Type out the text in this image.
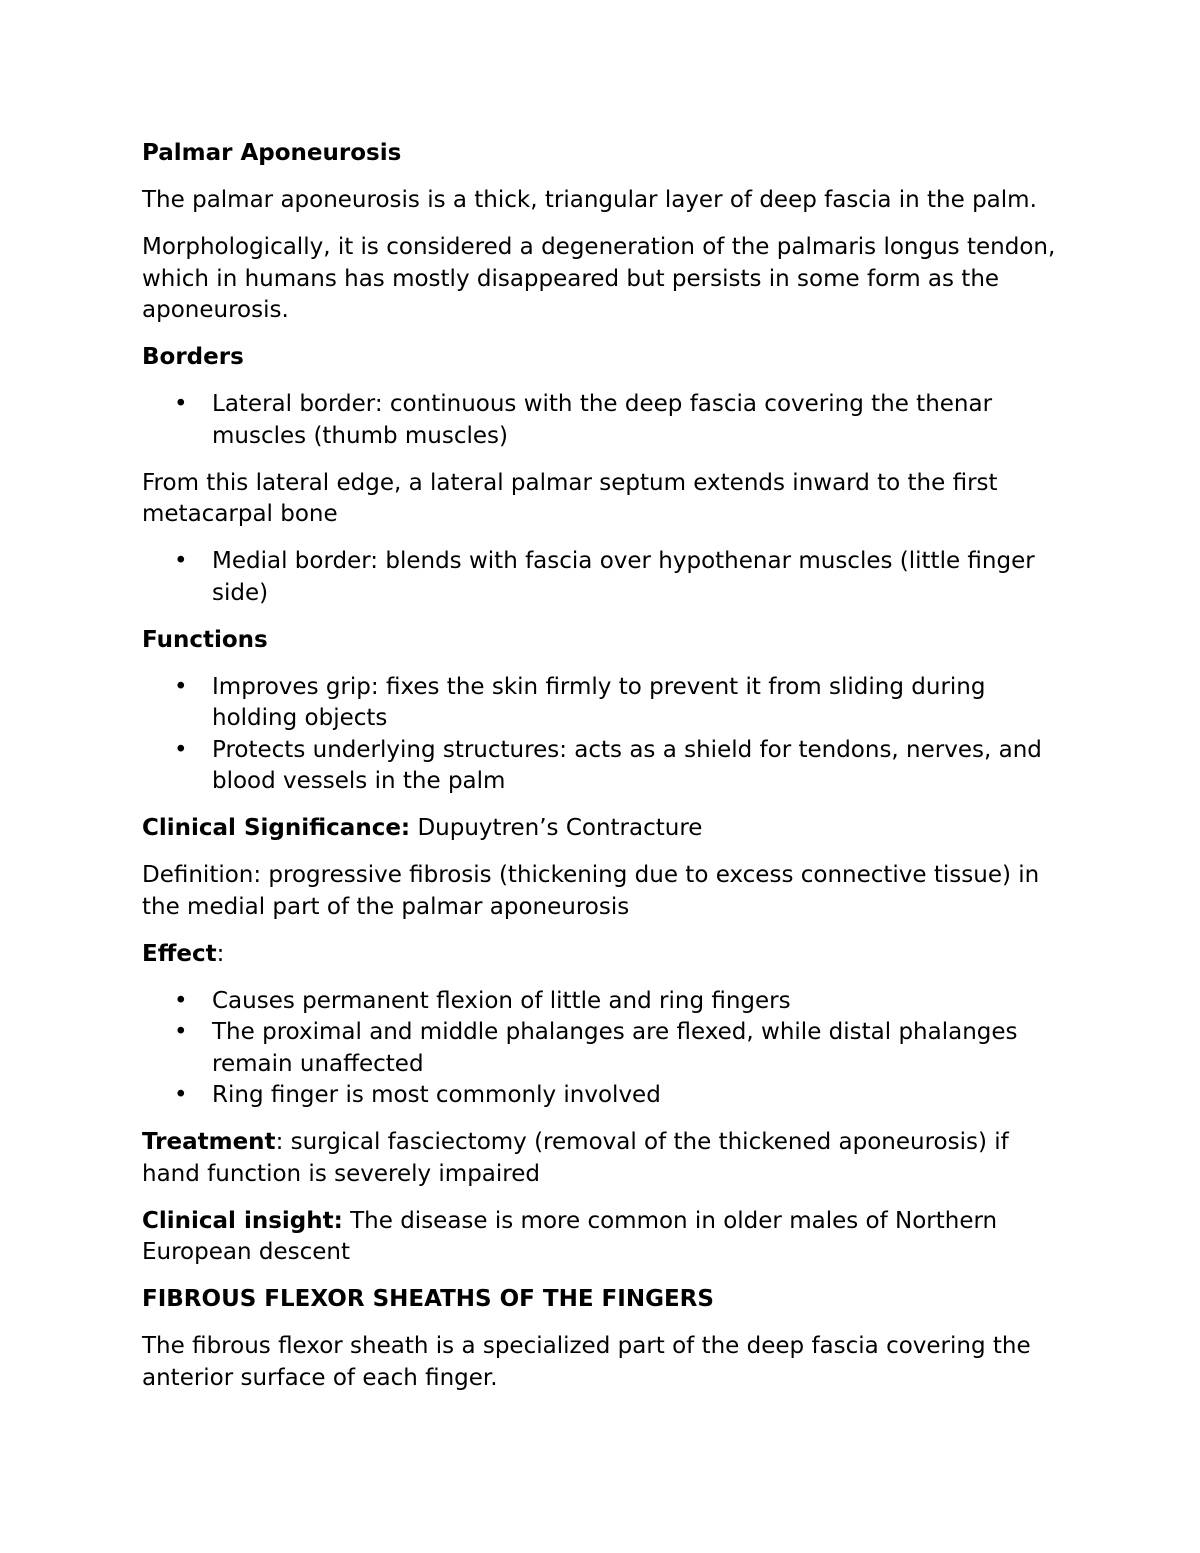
Palmar Aponeurosis

The palmar aponeurosis is a thick, triangular layer of deep fascia in the palm.

Morphologically, it is considered a degeneration of the palmaris longus tendon, which in humans has mostly disappeared but persists in some form as the aponeurosis.

Borders

• Lateral border: continuous with the deep fascia covering the thenar muscles (thumb muscles)

From this lateral edge, a lateral palmar septum extends inward to the first metacarpal bone

• Medial border: blends with fascia over hypothenar muscles (little finger side)

Functions

• Improves grip: fixes the skin firmly to prevent it from sliding during holding objects
• Protects underlying structures: acts as a shield for tendons, nerves, and blood vessels in the palm

Clinical Significance: Dupuytren’s Contracture

Definition: progressive fibrosis (thickening due to excess connective tissue) in the medial part of the palmar aponeurosis

Effect:

• Causes permanent flexion of little and ring fingers
• The proximal and middle phalanges are flexed, while distal phalanges remain unaffected
• Ring finger is most commonly involved

Treatment: surgical fasciectomy (removal of the thickened aponeurosis) if hand function is severely impaired

Clinical insight: The disease is more common in older males of Northern European descent

FIBROUS FLEXOR SHEATHS OF THE FINGERS

The fibrous flexor sheath is a specialized part of the deep fascia covering the anterior surface of each finger.
